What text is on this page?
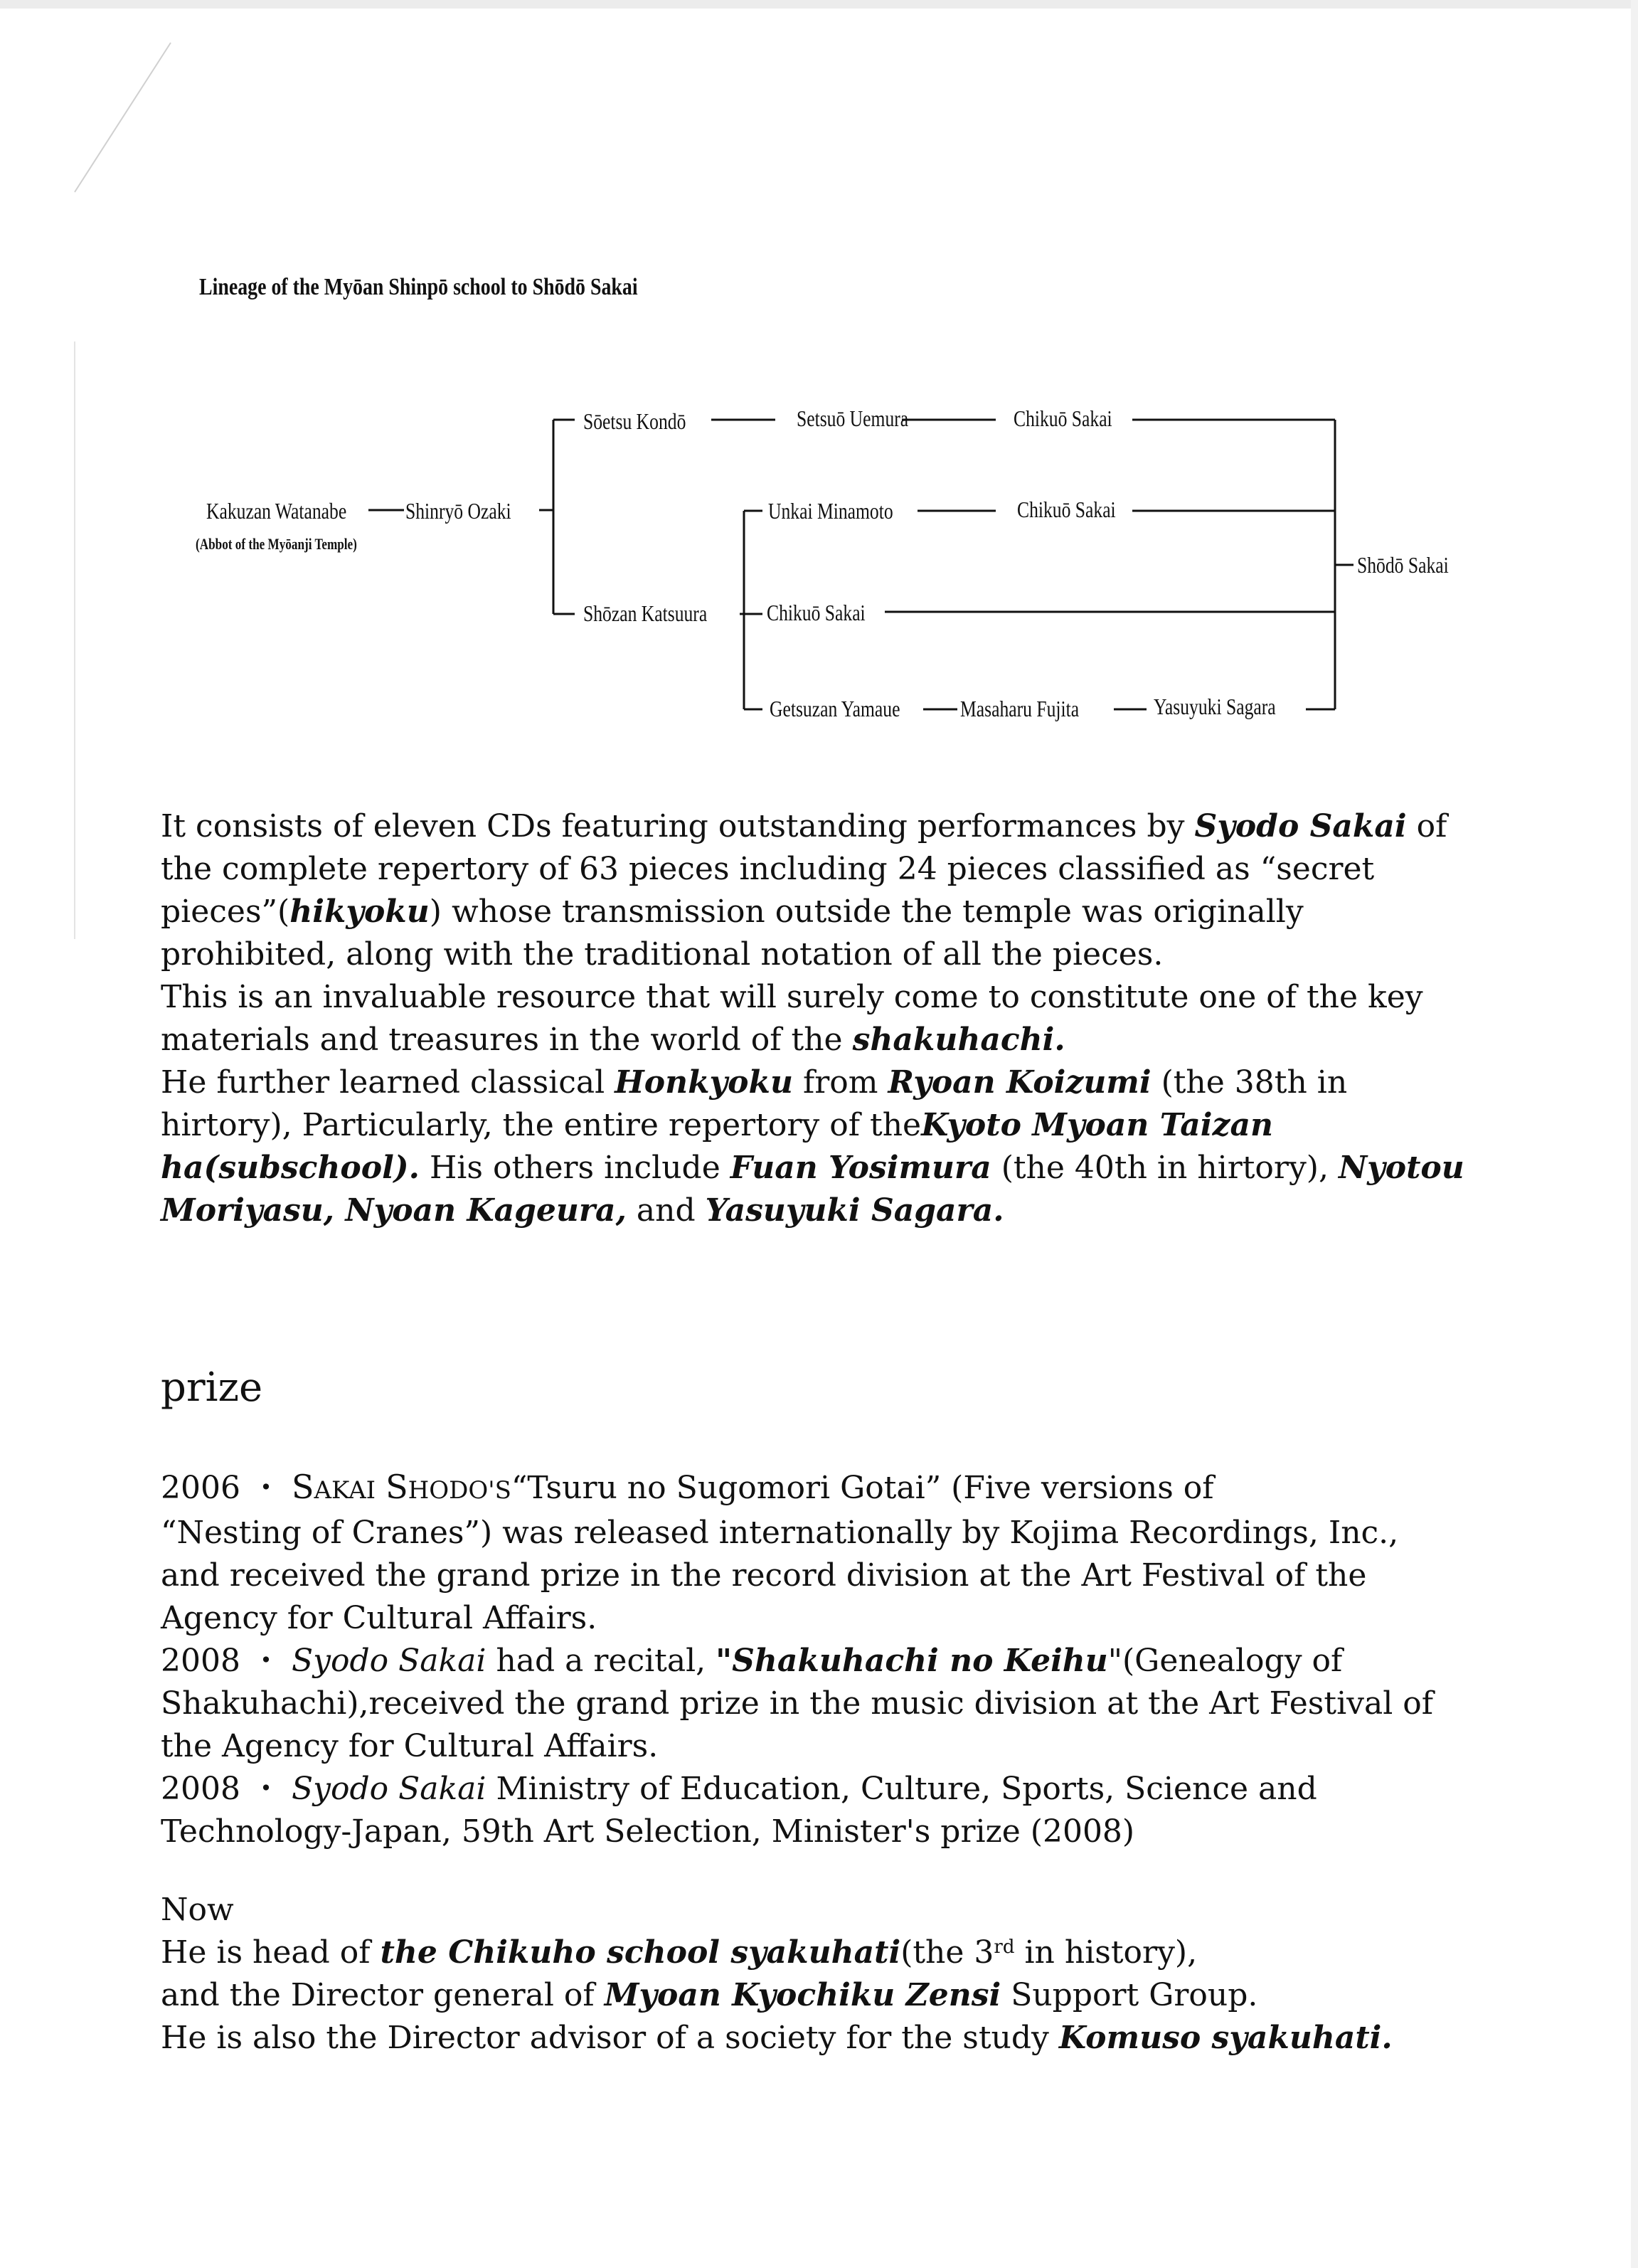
Lineage of the Myōan Shinpō school to Shōdō Sakai
Kakuzan Watanabe
(Abbot of the Myōanji Temple)
Shinryō Ozaki
Sōetsu Kondō	Setsuō Uemura	Chikuō Sakai
Unkai Minamoto	Chikuō Sakai
Shōzan Katsuura	Chikuō Sakai
Getsuzan Yamaue	Masaharu Fujita	Yasuyuki Sagara
Shōdō Sakai
It consists of eleven CDs featuring outstanding performances by Syodo Sakai of
the complete repertory of 63 pieces including 24 pieces classified as “secret
pieces”(hikyoku) whose transmission outside the temple was originally
prohibited, along with the traditional notation of all the pieces.
This is an invaluable resource that will surely come to constitute one of the key
materials and treasures in the world of the shakuhachi.
He further learned classical Honkyoku from Ryoan Koizumi (the 38th in
hirtory), Particularly, the entire repertory of theKyoto Myoan Taizan
ha(subschool). His others include Fuan Yosimura (the 40th in hirtory), Nyotou
Moriyasu, Nyoan Kageura, and Yasuyuki Sagara.
prize
2006 ・ SAKAI SHODO'S“Tsuru no Sugomori Gotai” (Five versions of
“Nesting of Cranes”) was released internationally by Kojima Recordings, Inc.,
and received the grand prize in the record division at the Art Festival of the
Agency for Cultural Affairs.
2008 ・ Syodo Sakai had a recital, "Shakuhachi no Keihu"(Genealogy of
Shakuhachi),received the grand prize in the music division at the Art Festival of
the Agency for Cultural Affairs.
2008 ・ Syodo Sakai Ministry of Education, Culture, Sports, Science and
Technology-Japan, 59th Art Selection, Minister's prize (2008)
Now
He is head of the Chikuho school syakuhati(the 3rd in history),
and the Director general of Myoan Kyochiku Zensi Support Group.
He is also the Director advisor of a society for the study Komuso syakuhati.
